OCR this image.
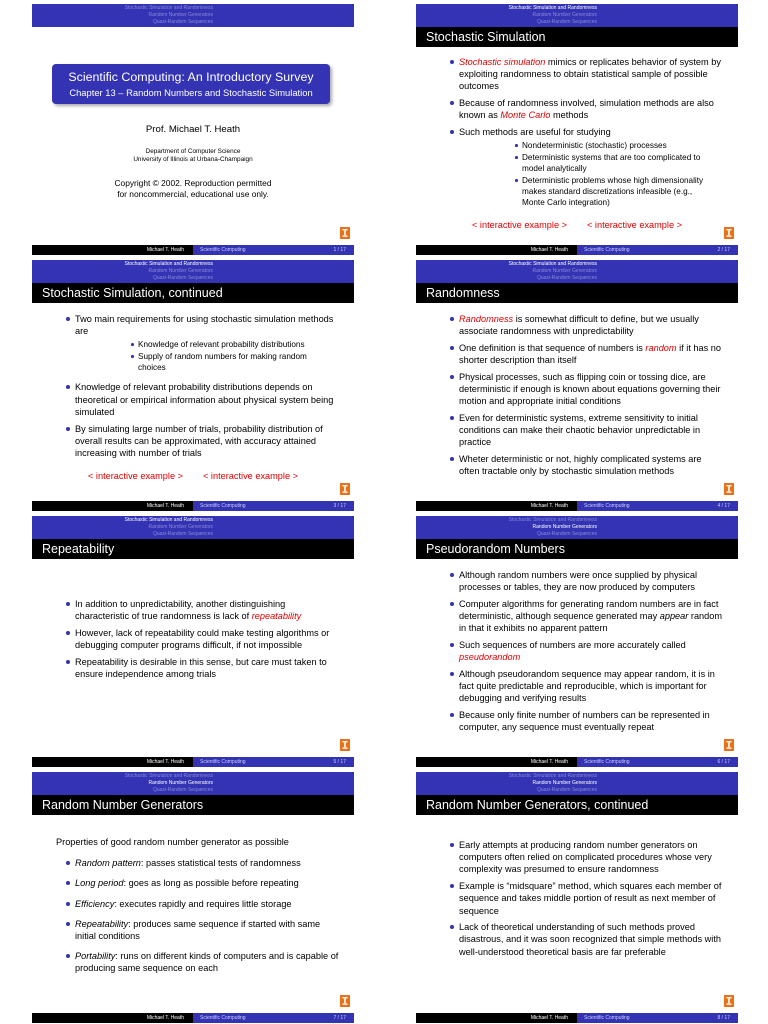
Stochastic Simulation and Randomness
Random Number Generators
Quasi-Random Sequences
Scientific Computing: An Introductory Survey
Chapter 13 – Random Numbers and Stochastic Simulation
Prof. Michael T. Heath
Department of Computer Science
University of Illinois at Urbana-Champaign
Copyright © 2002. Reproduction permitted
for noncommercial, educational use only.
Michael T. Heath	Scientific Computing	1 / 17
Stochastic Simulation and Randomness
Random Number Generators
Quasi-Random Sequences
Stochastic Simulation
Stochastic simulation mimics or replicates behavior of system by exploiting randomness to obtain statistical sample of possible outcomes
Because of randomness involved, simulation methods are also known as Monte Carlo methods
Such methods are useful for studying
Nondeterministic (stochastic) processes
Deterministic systems that are too complicated to model analytically
Deterministic problems whose high dimensionality makes standard discretizations infeasible (e.g., Monte Carlo integration)
< interactive example > < interactive example >
Michael T. Heath	Scientific Computing	2 / 17
Stochastic Simulation and Randomness
Random Number Generators
Quasi-Random Sequences
Stochastic Simulation, continued
Two main requirements for using stochastic simulation methods are
Knowledge of relevant probability distributions
Supply of random numbers for making random choices
Knowledge of relevant probability distributions depends on theoretical or empirical information about physical system being simulated
By simulating large number of trials, probability distribution of overall results can be approximated, with accuracy attained increasing with number of trials
< interactive example > < interactive example >
Michael T. Heath	Scientific Computing	3 / 17
Stochastic Simulation and Randomness
Random Number Generators
Quasi-Random Sequences
Randomness
Randomness is somewhat difficult to define, but we usually associate randomness with unpredictability
One definition is that sequence of numbers is random if it has no shorter description than itself
Physical processes, such as flipping coin or tossing dice, are deterministic if enough is known about equations governing their motion and appropriate initial conditions
Even for deterministic systems, extreme sensitivity to initial conditions can make their chaotic behavior unpredictable in practice
Wheter deterministic or not, highly complicated systems are often tractable only by stochastic simulation methods
Michael T. Heath	Scientific Computing	4 / 17
Stochastic Simulation and Randomness
Random Number Generators
Quasi-Random Sequences
Repeatability
In addition to unpredictability, another distinguishing characteristic of true randomness is lack of repeatability
However, lack of repeatability could make testing algorithms or debugging computer programs difficult, if not impossible
Repeatability is desirable in this sense, but care must taken to ensure independence among trials
Michael T. Heath	Scientific Computing	5 / 17
Stochastic Simulation and Randomness
Random Number Generators
Quasi-Random Sequences
Pseudorandom Numbers
Although random numbers were once supplied by physical processes or tables, they are now produced by computers
Computer algorithms for generating random numbers are in fact deterministic, although sequence generated may appear random in that it exhibits no apparent pattern
Such sequences of numbers are more accurately called pseudorandom
Although pseudorandom sequence may appear random, it is in fact quite predictable and reproducible, which is important for debugging and verifying results
Because only finite number of numbers can be represented in computer, any sequence must eventually repeat
Michael T. Heath	Scientific Computing	6 / 17
Stochastic Simulation and Randomness
Random Number Generators
Quasi-Random Sequences
Random Number Generators
Properties of good random number generator as possible
Random pattern: passes statistical tests of randomness
Long period: goes as long as possible before repeating
Efficiency: executes rapidly and requires little storage
Repeatability: produces same sequence if started with same initial conditions
Portability: runs on different kinds of computers and is capable of producing same sequence on each
Michael T. Heath	Scientific Computing	7 / 17
Stochastic Simulation and Randomness
Random Number Generators
Quasi-Random Sequences
Random Number Generators, continued
Early attempts at producing random number generators on computers often relied on complicated procedures whose very complexity was presumed to ensure randomness
Example is “midsquare” method, which squares each member of sequence and takes middle portion of result as next member of sequence
Lack of theoretical understanding of such methods proved disastrous, and it was soon recognized that simple methods with well-understood theoretical basis are far preferable
Michael T. Heath	Scientific Computing	8 / 17
